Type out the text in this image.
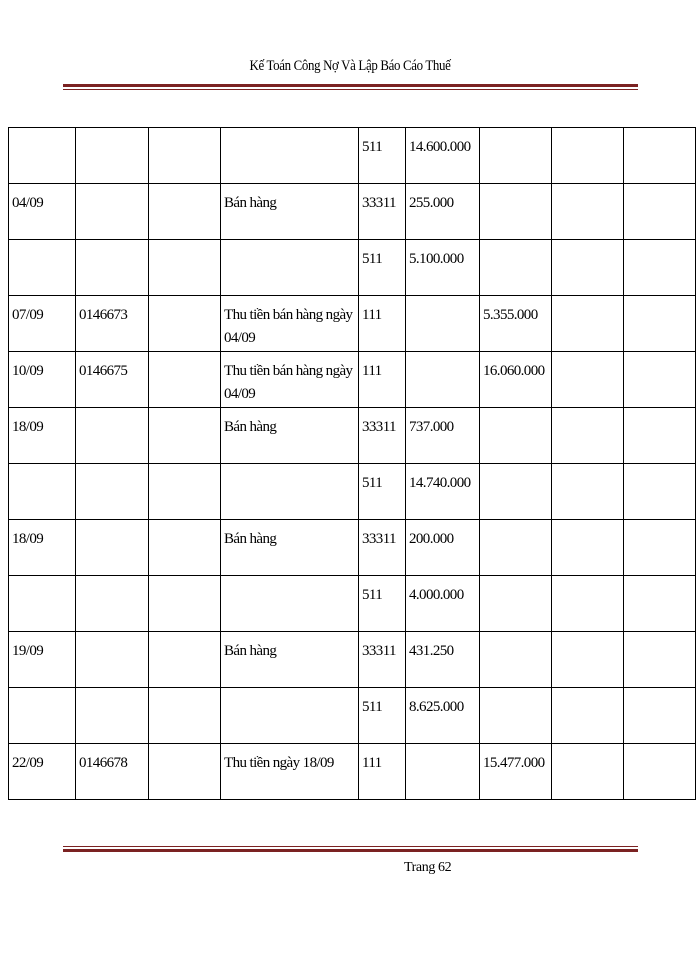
Kế Toán Công Nợ Và Lập Báo Cáo Thuế
				511	14.600.000			
04/09			Bán hàng	33311	255.000			
				511	5.100.000			
07/09	0146673		Thu tiền bán hàng ngày 04/09	111		5.355.000		
10/09	0146675		Thu tiền bán hàng ngày 04/09	111		16.060.000		
18/09			Bán hàng	33311	737.000			
				511	14.740.000			
18/09			Bán hàng	33311	200.000			
				511	4.000.000			
19/09			Bán hàng	33311	431.250			
				511	8.625.000			
22/09	0146678		Thu tiền ngày 18/09	111		15.477.000		
Trang 62
